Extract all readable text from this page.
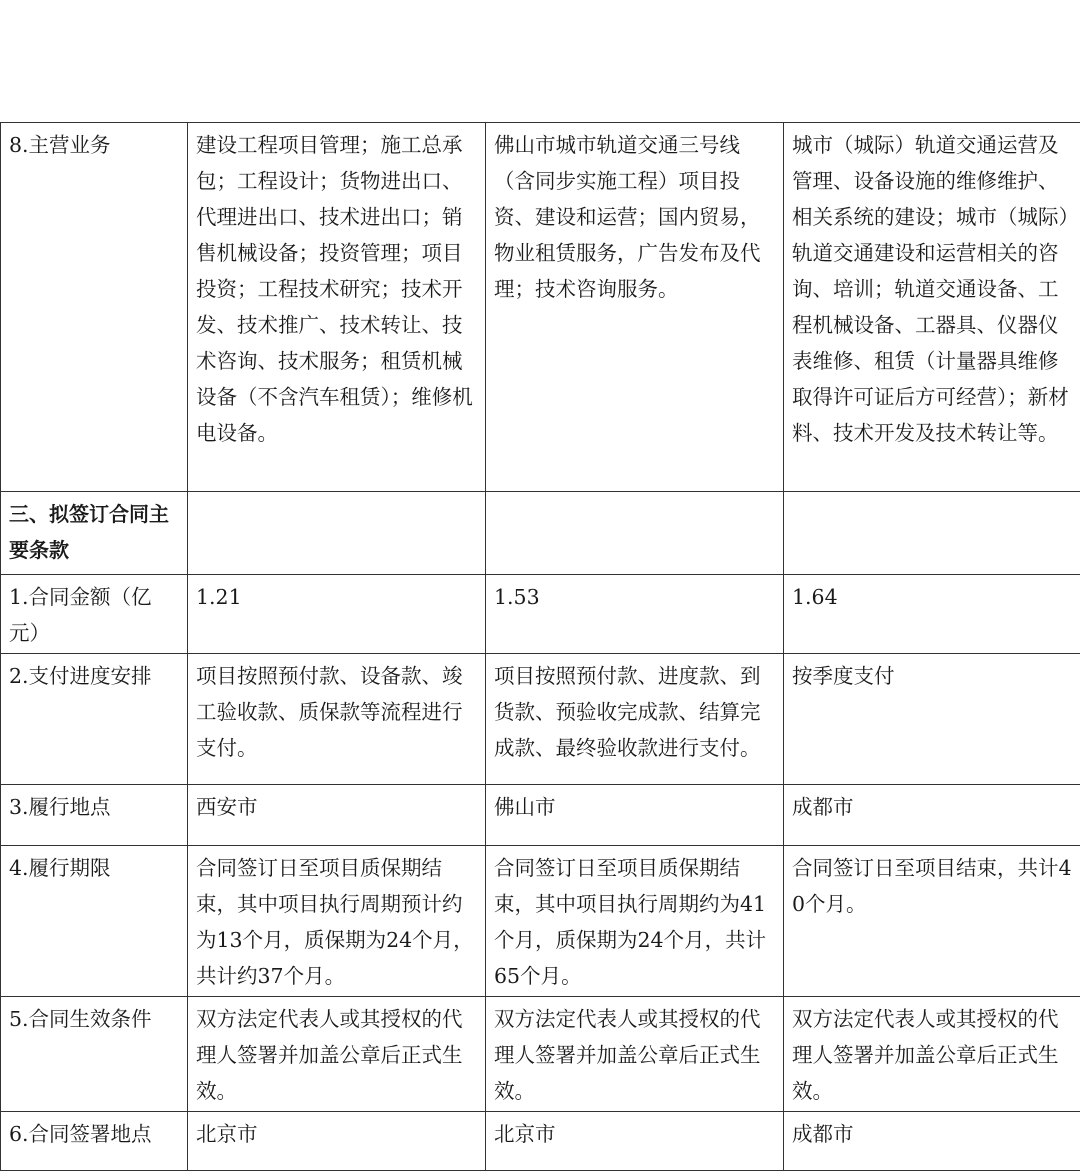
8.主营业务	建设工程项目管理；施工总承包；工程设计；货物进出口、代理进出口、技术进出口；销售机械设备；投资管理；项目投资；工程技术研究；技术开发、技术推广、技术转让、技术咨询、技术服务；租赁机械设备（不含汽车租赁）；维修机电设备。	佛山市城市轨道交通三号线（含同步实施工程）项目投资、建设和运营；国内贸易，物业租赁服务，广告发布及代理；技术咨询服务。	城市（城际）轨道交通运营及管理、设备设施的维修维护、相关系统的建设；城市（城际）轨道交通建设和运营相关的咨询、培训；轨道交通设备、工程机械设备、工器具、仪器仪表维修、租赁（计量器具维修取得许可证后方可经营）；新材料、技术开发及技术转让等。
三、拟签订合同主要条款			
1.合同金额（亿元）	1.21	1.53	1.64
2.支付进度安排	项目按照预付款、设备款、竣工验收款、质保款等流程进行支付。	项目按照预付款、进度款、到货款、预验收完成款、结算完成款、最终验收款进行支付。	按季度支付
3.履行地点	西安市	佛山市	成都市
4.履行期限	合同签订日至项目质保期结束，其中项目执行周期预计约为13个月，质保期为24个月，共计约37个月。	合同签订日至项目质保期结束，其中项目执行周期约为41个月，质保期为24个月，共计65个月。	合同签订日至项目结束，共计40个月。
5.合同生效条件	双方法定代表人或其授权的代理人签署并加盖公章后正式生效。	双方法定代表人或其授权的代理人签署并加盖公章后正式生效。	双方法定代表人或其授权的代理人签署并加盖公章后正式生效。
6.合同签署地点	北京市	北京市	成都市
